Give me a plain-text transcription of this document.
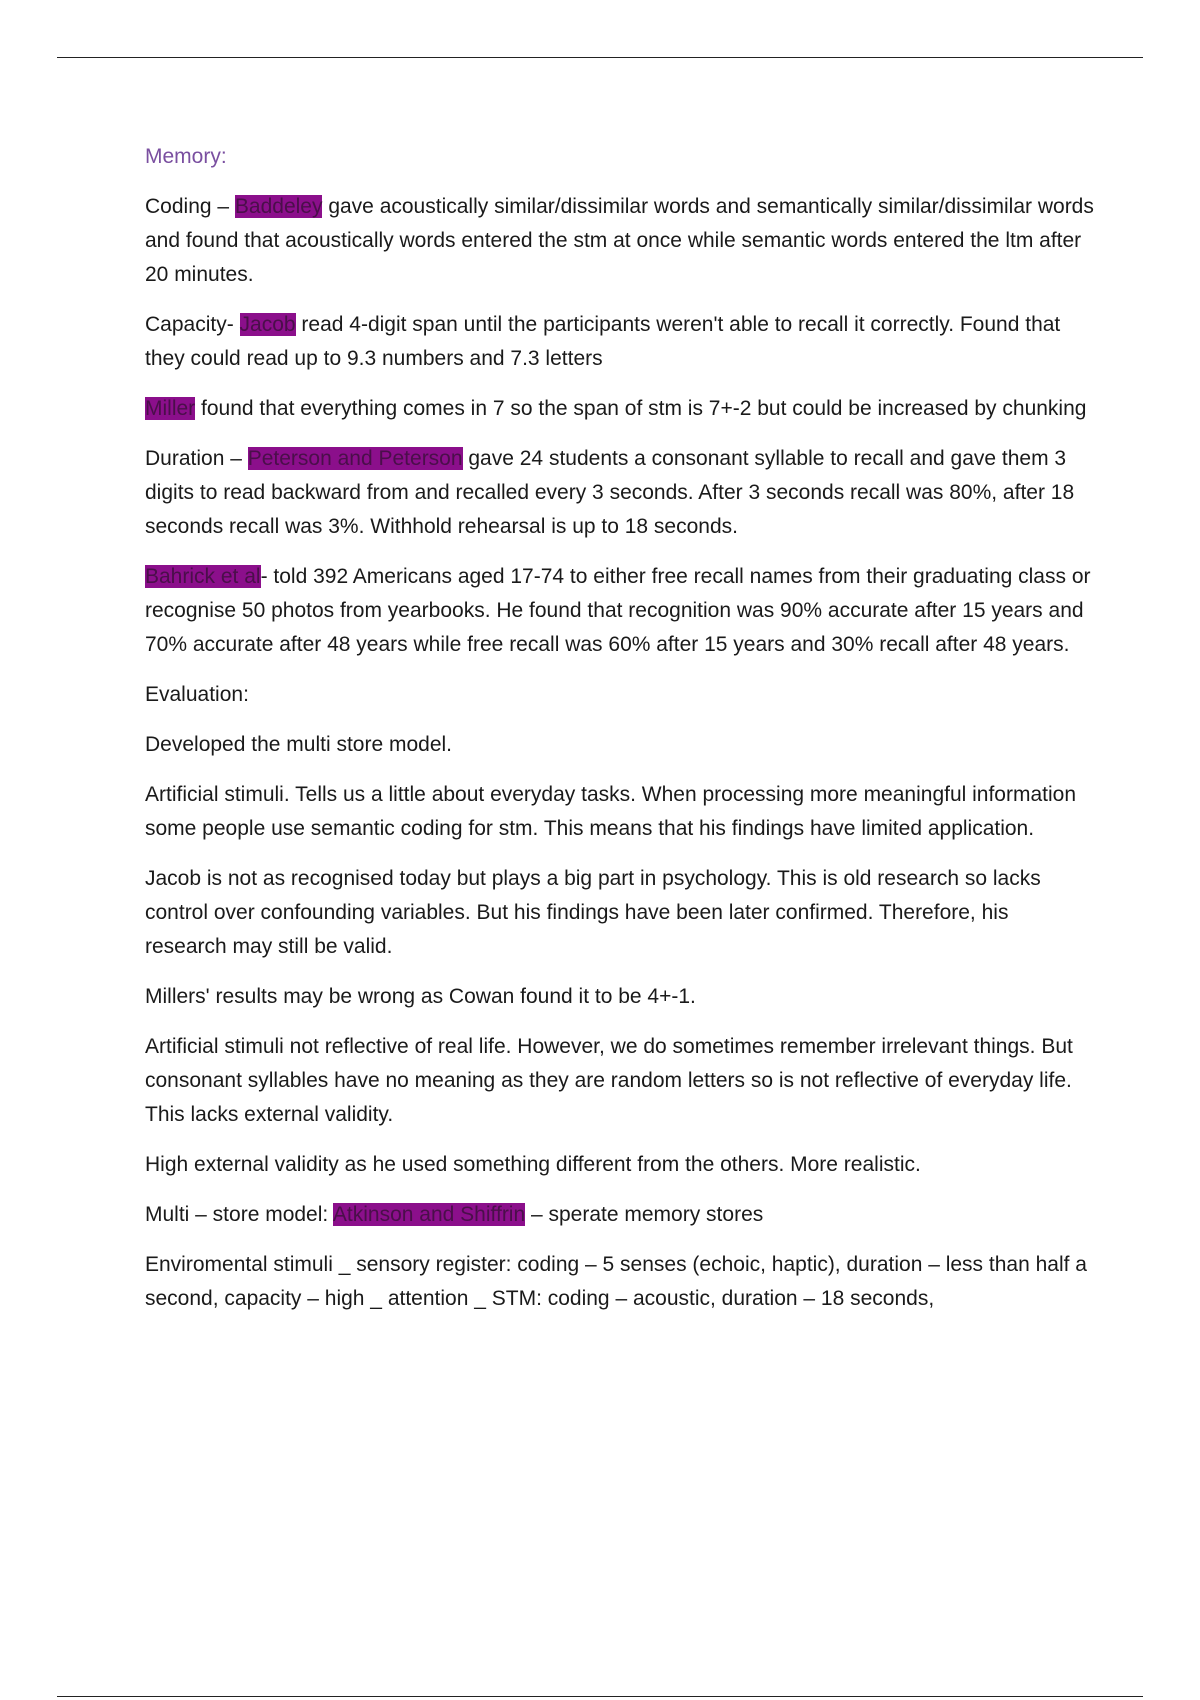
Memory:

Coding – Baddeley gave acoustically similar/dissimilar words and semantically similar/dissimilar words and found that acoustically words entered the stm at once while semantic words entered the ltm after 20 minutes.

Capacity- Jacob read 4-digit span until the participants weren't able to recall it correctly. Found that they could read up to 9.3 numbers and 7.3 letters

Miller found that everything comes in 7 so the span of stm is 7+-2 but could be increased by chunking

Duration – Peterson and Peterson gave 24 students a consonant syllable to recall and gave them 3 digits to read backward from and recalled every 3 seconds. After 3 seconds recall was 80%, after 18 seconds recall was 3%. Withhold rehearsal is up to 18 seconds.

Bahrick et al- told 392 Americans aged 17-74 to either free recall names from their graduating class or recognise 50 photos from yearbooks. He found that recognition was 90% accurate after 15 years and 70% accurate after 48 years while free recall was 60% after 15 years and 30% recall after 48 years.

Evaluation:

Developed the multi store model.

Artificial stimuli. Tells us a little about everyday tasks. When processing more meaningful information some people use semantic coding for stm. This means that his findings have limited application.

Jacob is not as recognised today but plays a big part in psychology. This is old research so lacks control over confounding variables. But his findings have been later confirmed. Therefore, his research may still be valid.

Millers' results may be wrong as Cowan found it to be 4+-1.

Artificial stimuli not reflective of real life. However, we do sometimes remember irrelevant things. But consonant syllables have no meaning as they are random letters so is not reflective of everyday life. This lacks external validity.

High external validity as he used something different from the others. More realistic.

Multi – store model: Atkinson and Shiffrin – sperate memory stores

Enviromental stimuli _ sensory register: coding – 5 senses (echoic, haptic), duration – less than half a second, capacity – high _ attention _ STM: coding – acoustic, duration – 18 seconds,
